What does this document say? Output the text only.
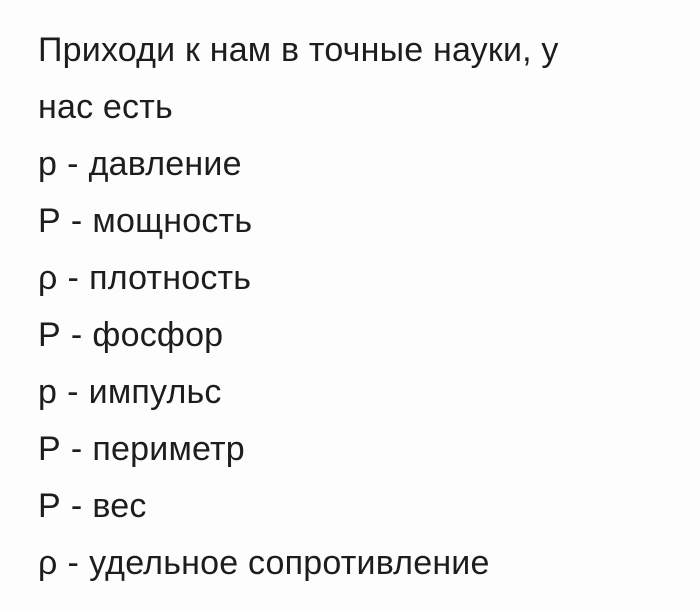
Приходи к нам в точные науки, у
нас есть
p - давление
P - мощность
ρ - плотность
P - фосфор
p - импульс
P - периметр
P - вес
ρ - удельное сопротивление
